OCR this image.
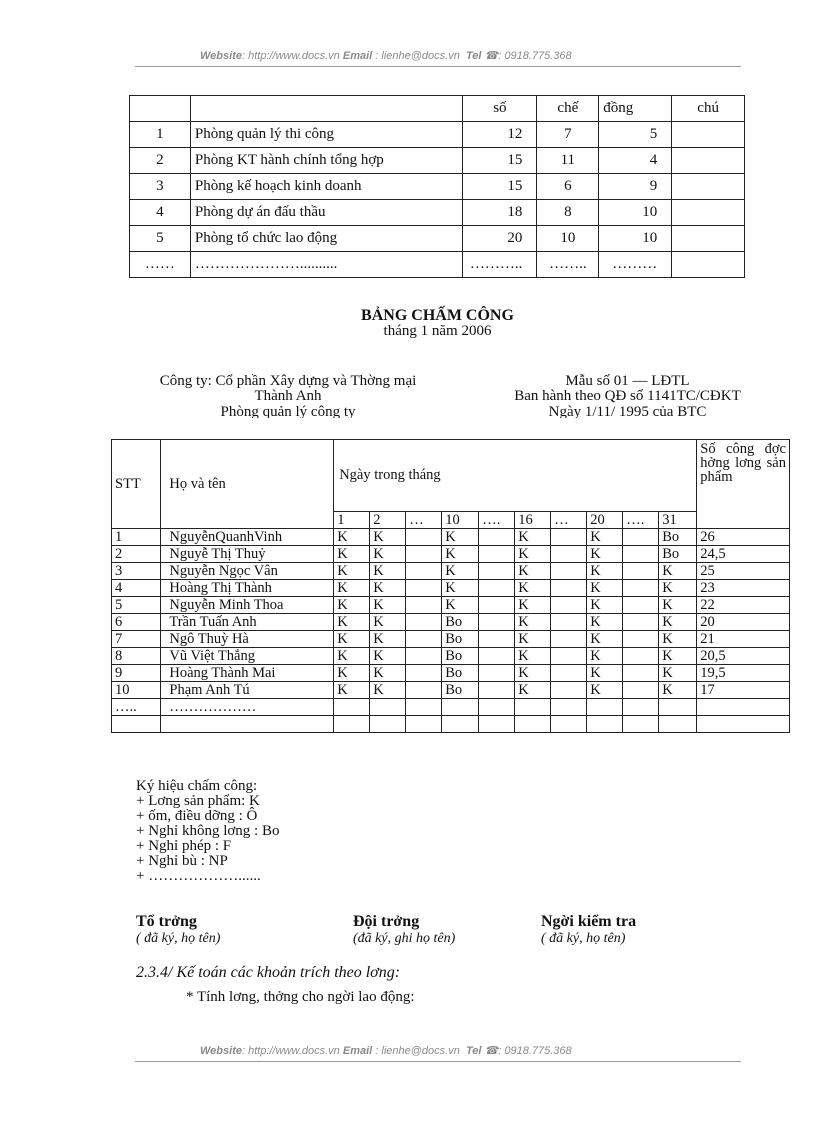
Website: http://www.docs.vn Email : lienhe@docs.vn Tel ☎: 0918.775.368
		số	chế	đồng	chú
1	Phòng quản lý thi công	12	7	5	
2	Phòng KT hành chính tổng hợp	15	11	4	
3	Phòng kế hoạch kinh doanh	15	6	9	
4	Phòng dự án đấu thầu	18	8	10	
5	Phòng tổ chức lao động	20	10	10	
……	…………………..........	………..	……..	………	
BẢNG CHẤM CÔNG
tháng 1 năm 2006
Công ty: Cổ phần Xây dựng và Thờng mại
Thành Anh
Phòng quản lý công ty
Mẫu số 01 — LĐTL
Ban hành theo QĐ số 1141TC/CĐKT
Ngày 1/11/ 1995 của BTC
STT	Họ và tên	Ngày trong tháng										Số công đợc hởng lơng sản phẩm
		1	2	…	10	….	16	…	20	….	31	
1	NguyễnQuanhVinh	K	K		K		K		K		Bo	26
2	Nguyễ Thị Thuỷ	K	K		K		K		K		Bo	24,5
3	Nguyễn Ngọc Vân	K	K		K		K		K		K	25
4	Hoàng Thị Thành	K	K		K		K		K		K	23
5	Nguyễn Minh Thoa	K	K		K		K		K		K	22
6	Trần Tuấn Anh	K	K		Bo		K		K		K	20
7	Ngô Thuỳ Hà	K	K		Bo		K		K		K	21
8	Vũ Việt Thắng	K	K		Bo		K		K		K	20,5
9	Hoàng Thành Mai	K	K		Bo		K		K		K	19,5
10	Phạm Anh Tú	K	K		Bo		K		K		K	17
…..	………………											

Ký hiệu chấm công:
+ Lơng sản phẩm: K
+ ốm, điều dỡng : Ô
+ Nghỉ không lơng : Bo
+ Nghỉ phép : F
+ Nghỉ bù : NP
+ ………………......
Tổ trởng
( đã ký, họ tên)
Đội trởng
(đã ký, ghi họ tên)
Ngời kiểm tra
( đã ký, họ tên)
2.3.4/ Kế toán các khoản trích theo lơng:
* Tính lơng, thởng cho ngời lao động:
Website: http://www.docs.vn Email : lienhe@docs.vn Tel ☎: 0918.775.368
